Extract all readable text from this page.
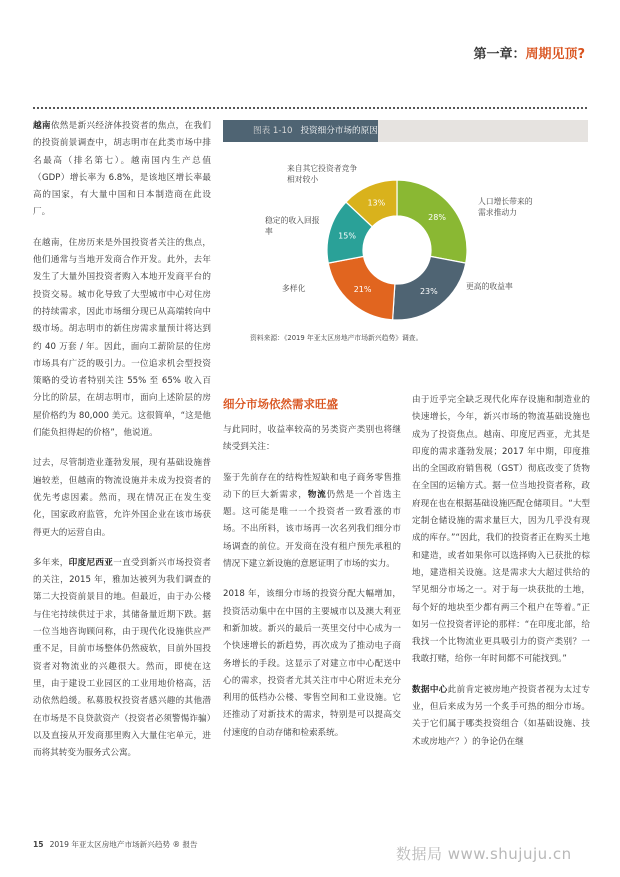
第一章：周期见顶?

越南依然是新兴经济体投资者的焦点，在我们的投资前景调查中，胡志明市在此类市场中排名最高（排名第七）。越南国内生产总值（GDP）增长率为 6.8%，是该地区增长率最高的国家，有大量中国和日本制造商在此设厂。

在越南，住房历来是外国投资者关注的焦点，他们通常与当地开发商合作开发。此外，去年发生了大量外国投资者购入本地开发商平台的投资交易。城市化导致了大型城市中心对住房的持续需求，因此市场细分现已从高端转向中级市场。胡志明市的新住房需求量预计将达到约 40 万套 / 年。因此，面向工薪阶层的住房市场具有广泛的吸引力。一位追求机会型投资策略的受访者特别关注 55% 至 65% 收入百分比的阶层，在胡志明市，面向上述阶层的房屋价格约为 80,000 美元。这很简单，“这是他们能负担得起的价格”，他说道。

过去，尽管制造业蓬勃发展，现有基础设施普遍较差，但越南的物流设施并未成为投资者的优先考虑因素。然而，现在情况正在发生变化，国家政府监管，允许外国企业在该市场获得更大的运营自由。

多年来，印度尼西亚一直受到新兴市场投资者的关注，2015 年，雅加达被列为我们调查的第二大投资前景目的地。但最近，由于办公楼与住宅持续供过于求，其储备量近期下跌。据一位当地咨询顾问称，由于现代化设施供应严重不足，目前市场整体仍然疲软，目前外国投资者对物流业的兴趣很大。然而，即使在这里，由于建设工业园区的工业用地价格高，活动依然趋缓。私募股权投资者感兴趣的其他潜在市场是不良贷款资产（投资者必须警惕诈骗）以及直接从开发商那里购入大量住宅单元，进而将其转变为服务式公寓。

图表 1-10 投资细分市场的原因
28%
23%
21%
15%
13%	人口增长带来的需求推动力
更高的收益率
多样化
稳定的收入回报率
来自其它投资者竞争相对较小
资料来源：《2019 年亚太区房地产市场新兴趋势》调查。
细分市场依然需求旺盛

与此同时，收益率较高的另类资产类别也将继续受到关注：

鉴于先前存在的结构性短缺和电子商务零售推动下的巨大新需求，物流仍然是一个首选主题。这可能是唯一一个投资者一致看涨的市场。不出所料，该市场再一次名列我们细分市场调查的前位。开发商在没有租户预先承租的情况下建立新设施的意愿证明了市场的实力。

2018 年，该细分市场的投资分配大幅增加，投资活动集中在中国的主要城市以及澳大利亚和新加坡。新兴的最后一英里交付中心成为一个快速增长的新趋势，再次成为了推动电子商务增长的手段。这显示了对建立市中心配送中心的需求，投资者尤其关注市中心附近未充分利用的低档办公楼、零售空间和工业设施。它还推动了对新技术的需求，特别是可以提高交付速度的自动存储和检索系统。

由于近乎完全缺乏现代化库存设施和制造业的快速增长，今年，新兴市场的物流基础设施也成为了投资焦点。越南、印度尼西亚，尤其是印度的需求蓬勃发展；2017 年中期，印度推出的全国政府销售税（GST）彻底改变了货物在全国的运输方式。据一位当地投资者称，政府现在也在根据基础设施匹配仓储项目。“大型定制仓储设施的需求量巨大，因为几乎没有现成的库存。”“因此，我们的投资者正在购买土地和建造，或者如果你可以选择购入已获批的棕地，建造相关设施。这是需求大大超过供给的罕见细分市场之一。对于每一块获批的土地，每个好的地块至少都有两三个租户在等着。”正如另一位投资者评论的那样：“在印度北部，给我找一个比物流业更具吸引力的资产类别？一我敢打赌，给你一年时间都不可能找到。”

数据中心此前肯定被房地产投资者视为太过专业，但后来成为另一个炙手可热的细分市场。关于它们属于哪类投资组合（如基础设施、技术或房地产？）的争论仍在继

15 2019 年亚太区房地产市场新兴趋势 ® 报告
数据局 www.shujuju.cn
